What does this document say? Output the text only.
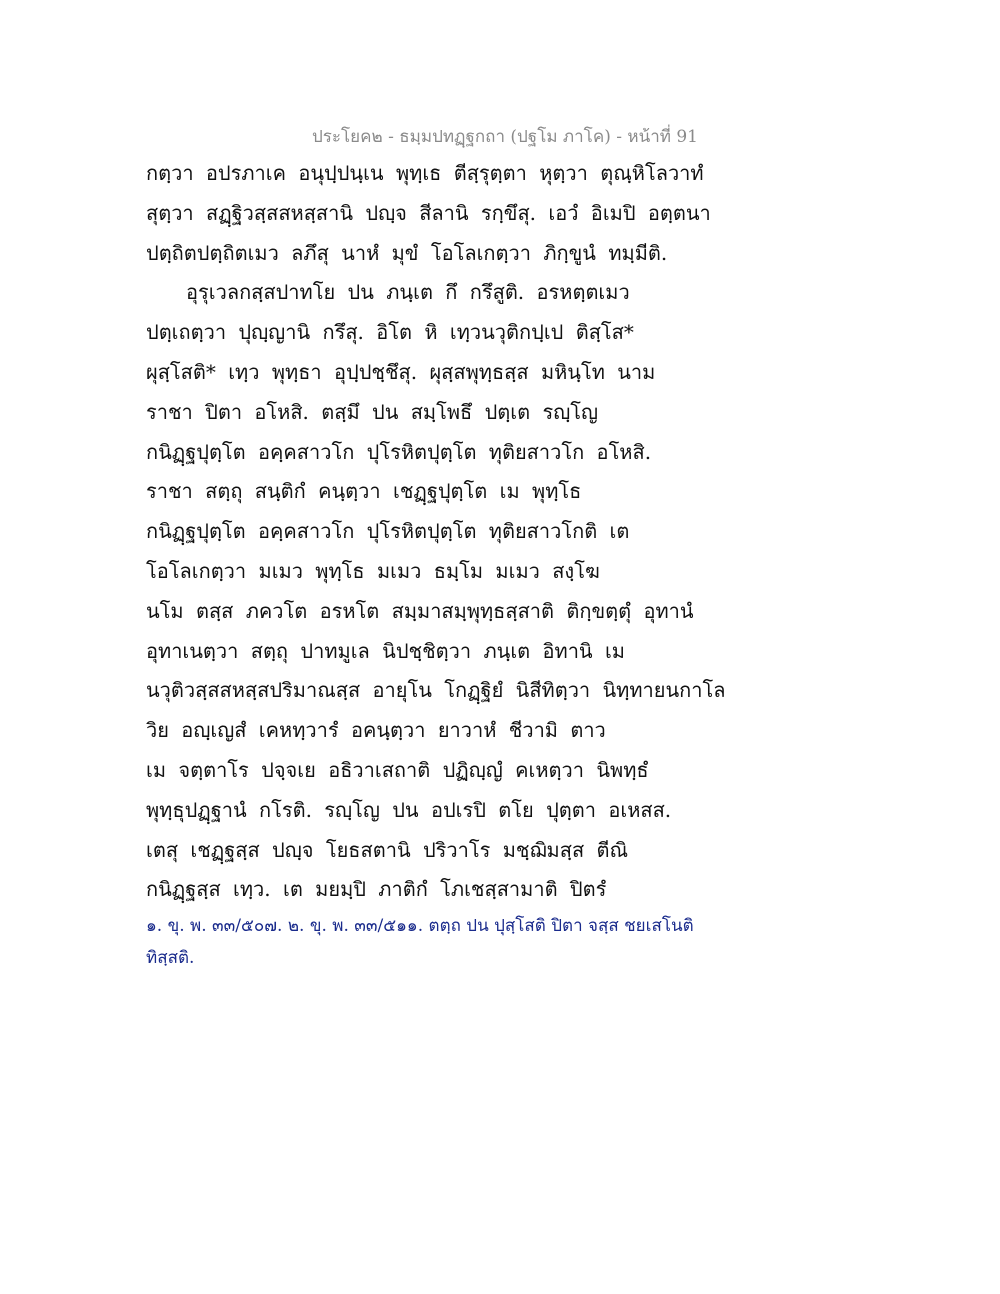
ประโยค๒ - ธมฺมปทฏฺฐกถา (ปฐโม ภาโค) - หน้าที่ 91
กตฺวา อปรภาเค อนุปฺปนฺเน พุทฺเธ ตีสฺรุตฺตา หุตฺวา ตุณฺหิโลวาทํ
สุตฺวา สฏฺฐิวสฺสสหสฺสานิ ปญฺจ สีลานิ รกฺขึสุ. เอวํ อิเมปิ อตฺตนา
ปตฺถิตปตฺถิตเมว ลภึสุ นาหํ มุขํ โอโลเกตฺวา ภิกฺขูนํ ทมฺมีติ.
อุรุเวลกสฺสปาทโย ปน ภนฺเต กึ กรึสูติ. อรหตฺตเมว
ปตฺเถตฺวา ปุญฺญานิ กรึสุ. อิโต หิ เทฺวนวุติกปฺเป ติสฺโส*
ผุสฺโสติ* เทฺว พุทฺธา อุปฺปชฺชึสุ. ผุสฺสพุทฺธสฺส มหินฺโท นาม
ราชา ปิตา อโหสิ. ตสฺมึ ปน สมฺโพธึ ปตฺเต รญฺโญ
กนิฏฺฐปุตฺโต อคฺคสาวโก ปุโรหิตปุตฺโต ทุติยสาวโก อโหสิ.
ราชา สตฺถุ สนฺติกํ คนฺตฺวา เชฏฺฐปุตฺโต เม พุทฺโธ
กนิฏฺฐปุตฺโต อคฺคสาวโก ปุโรหิตปุตฺโต ทุติยสาวโกติ เต
โอโลเกตฺวา มเมว พุทฺโธ มเมว ธมฺโม มเมว สงฺโฆ
นโม ตสฺส ภควโต อรหโต สมฺมาสมฺพุทฺธสฺสาติ ติกฺขตฺตุํ อุทานํ
อุทาเนตฺวา สตฺถุ ปาทมูเล นิปชฺชิตฺวา ภนฺเต อิทานิ เม
นวุติวสฺสสหสฺสปริมาณสฺส อายุโน โกฏฺฐิยํ นิสีทิตฺวา นิทฺทายนกาโล
วิย อญฺเญสํ เคหทฺวารํ อคนฺตฺวา ยาวาหํ ชีวามิ ตาว
เม จตฺตาโร ปจฺจเย อธิวาเสถาติ ปฏิญฺญํ คเหตฺวา นิพทฺธํ
พุทฺธุปฏฺฐานํ กโรติ. รญฺโญ ปน อปเรปิ ตโย ปุตฺตา อเหสส.
เตสุ เชฏฺฐสฺส ปญฺจ โยธสตานิ ปริวาโร มชฺฌิมสฺส ตีณิ
กนิฏฺฐสฺส เทฺว. เต มยมฺปิ ภาติกํ โภเชสฺสามาติ ปิตรํ
๑. ขุ. พ. ๓๓/๕๐๗. ๒. ขุ. พ. ๓๓/๕๑๑. ตตฺถ ปน ปุสฺโสติ ปิตา จสฺส ชยเสโนติ
ทิสฺสติ.
